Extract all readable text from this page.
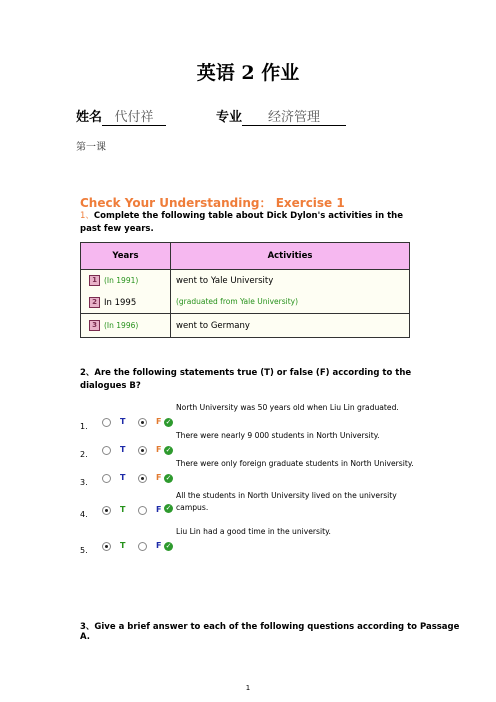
英语 2 作业
姓名 代付祥	专业 经济管理
第一课
Check Your Understanding： Exercise 1
1、Complete the following table about Dick Dylon's activities in the past few years.
Years	Activities
1 (In 1991)	went to Yale University
2 In 1995	(graduated from Yale University)
3 (In 1996)	went to Germany
2、Are the following statements true (T) or false (F) according to the dialogues B?
1.
T	F ✓
North University was 50 years old when Liu Lin graduated.
2.
T	F ✓
There were nearly 9 000 students in North University.
3.
T	F ✓
There were only foreign graduate students in North University.
4.
T	F ✓
All the students in North University lived on the university campus.
5.
T	F ✓
Liu Lin had a good time in the university.
3、Give a brief answer to each of the following questions according to Passage A.
1
